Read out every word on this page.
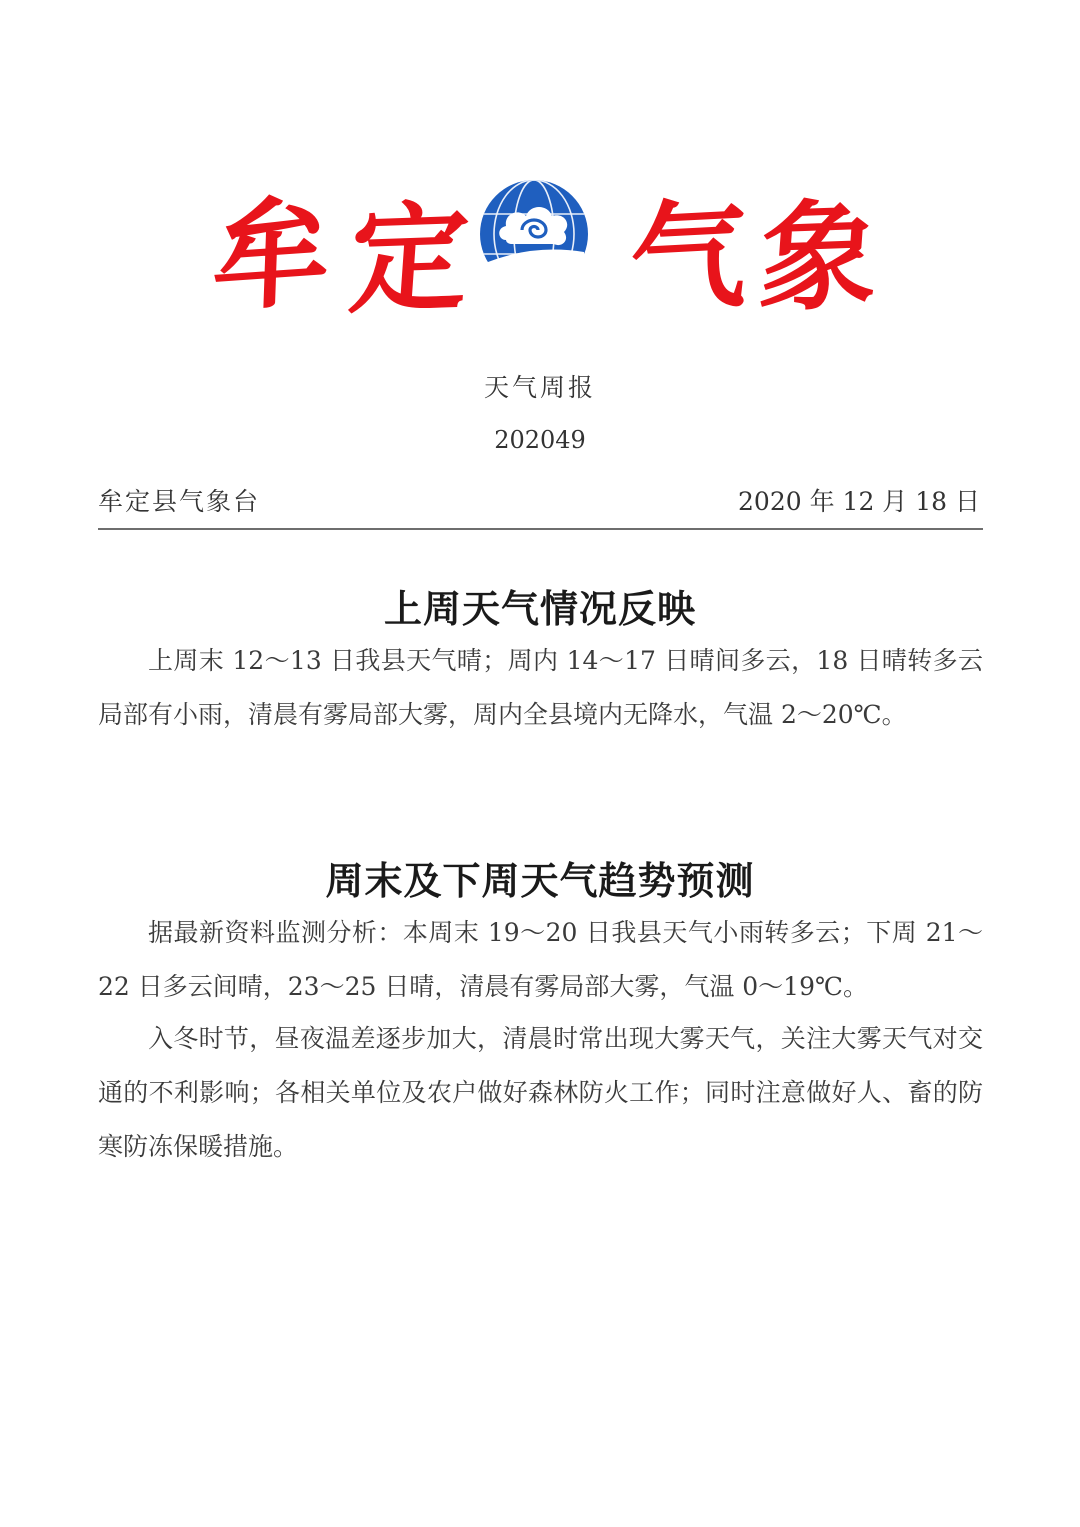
牟 定 气 象
天气周报
202049
牟定县气象台	2020 年 12 月 18 日
上周天气情况反映

上周末 12～13 日我县天气晴；周内 14～17 日晴间多云，18 日晴转多云局部有小雨，清晨有雾局部大雾，周内全县境内无降水，气温 2～20℃。

周末及下周天气趋势预测

据最新资料监测分析：本周末 19～20 日我县天气小雨转多云；下周 21～22 日多云间晴，23～25 日晴，清晨有雾局部大雾，气温 0～19℃。

入冬时节，昼夜温差逐步加大，清晨时常出现大雾天气，关注大雾天气对交通的不利影响；各相关单位及农户做好森林防火工作；同时注意做好人、畜的防寒防冻保暖措施。
